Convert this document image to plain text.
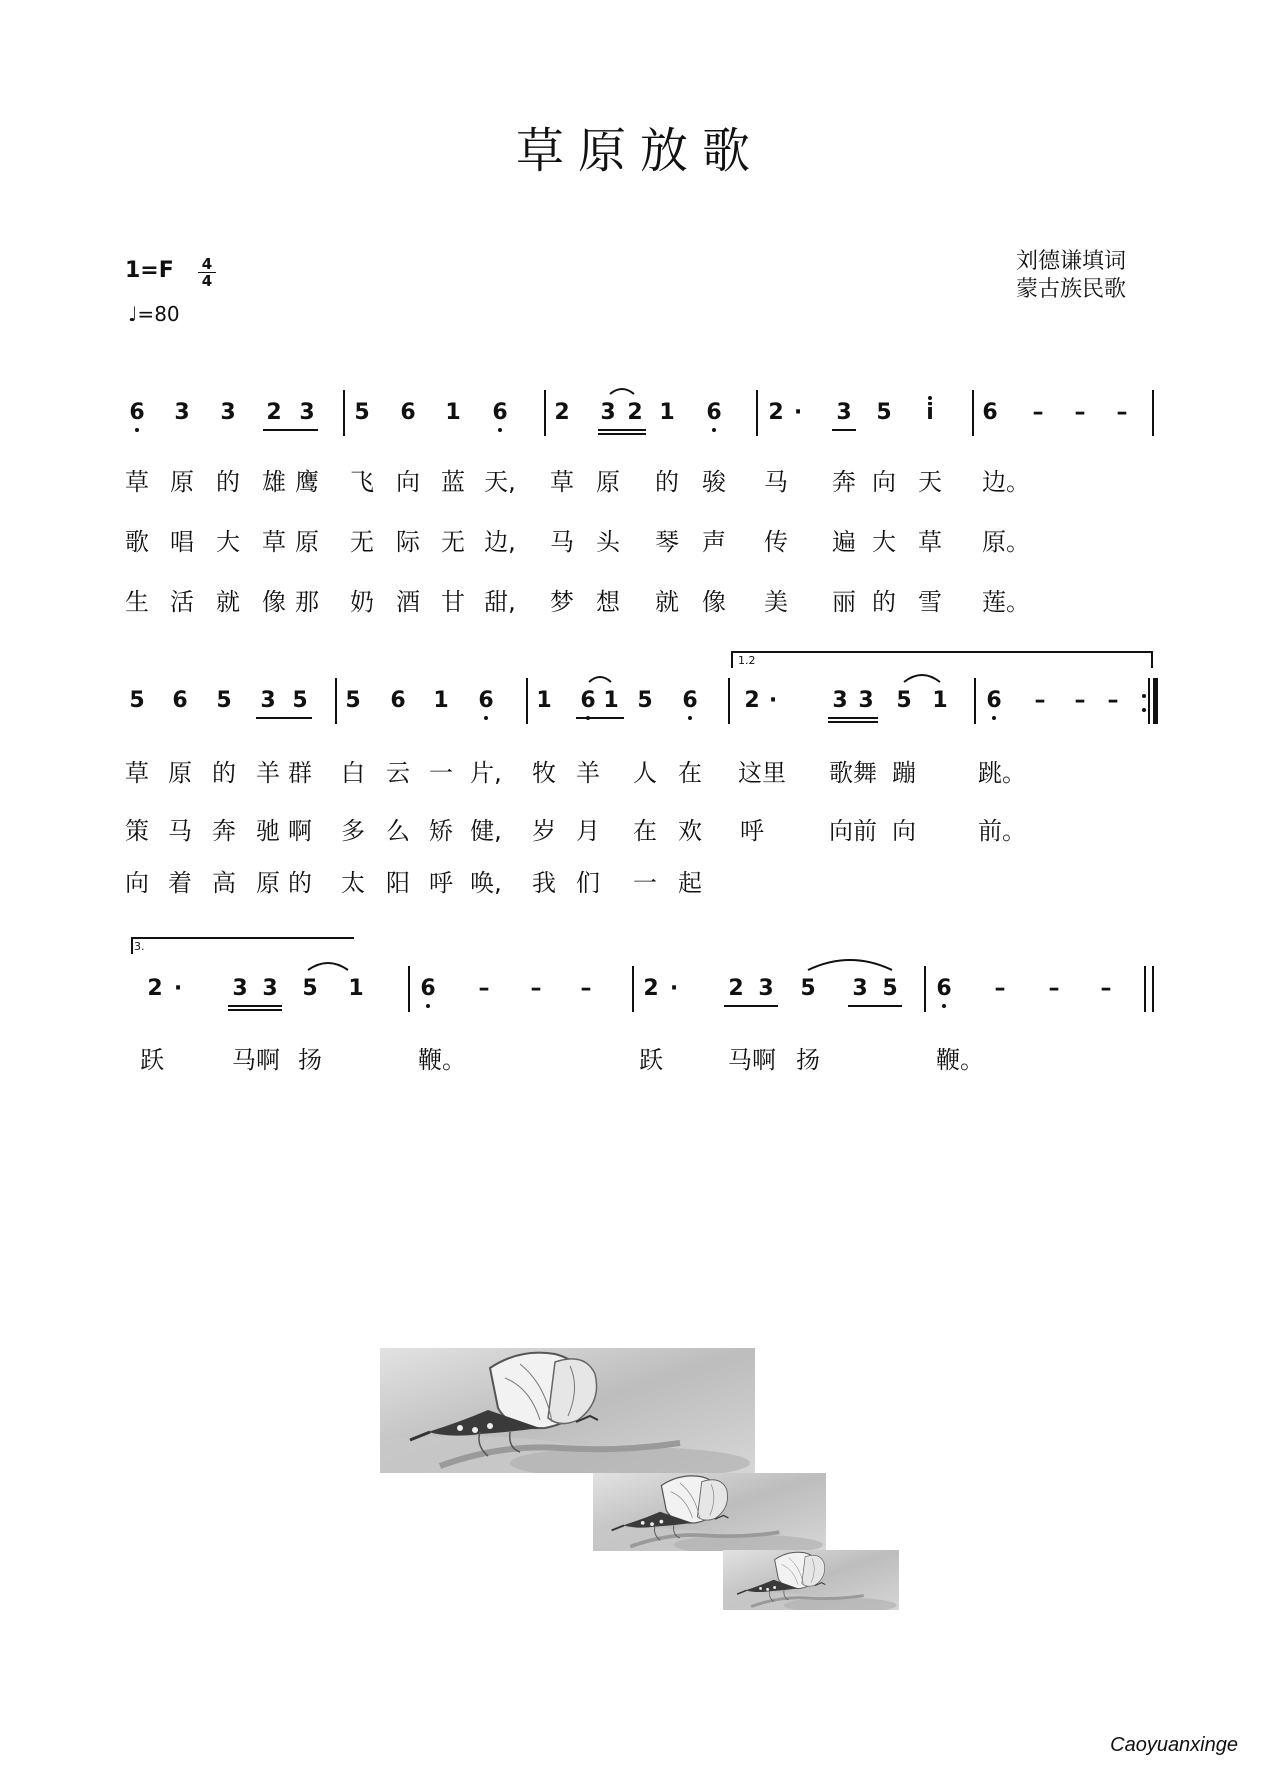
草原放歌
1=F 4
4
♩=80
刘德谦填词
蒙古族民歌
6 3 3 2 3 5 6 1 6 2 3 2 1 6 2 ·	3 5	i	6	–	–	–
草 原 的 雄 鹰 飞 向 蓝 天, 草 原 的 骏 马 奔 向 天 边。
歌 唱 大 草 原 无 际 无 边, 马 头 琴 声 传 遍 大 草 原。
生 活 就 像 那 奶 酒 甘 甜, 梦 想 就 像 美 丽 的 雪 莲。
5 6 5 3 5 5 6 1 6 1 6 1 5 6 2 ·	3 3 5 1 6	–	–	–
1.2
草 原 的 羊 群 白 云 一 片, 牧 羊 人 在 这里 歌舞 蹦	跳。
策 马 奔 驰 啊 多 么 矫 健, 岁 月 在 欢 呼	向前 向	前。
向 着 高 原 的 太 阳 呼 唤, 我 们 一 起
3.
2 ·	3 3 5 1	6	–	–	–	2 ·	2 3 5 3 5 6	–	–	–
跃	马啊 扬	鞭。	跃	马啊 扬	鞭。
Caoyuanxinge
